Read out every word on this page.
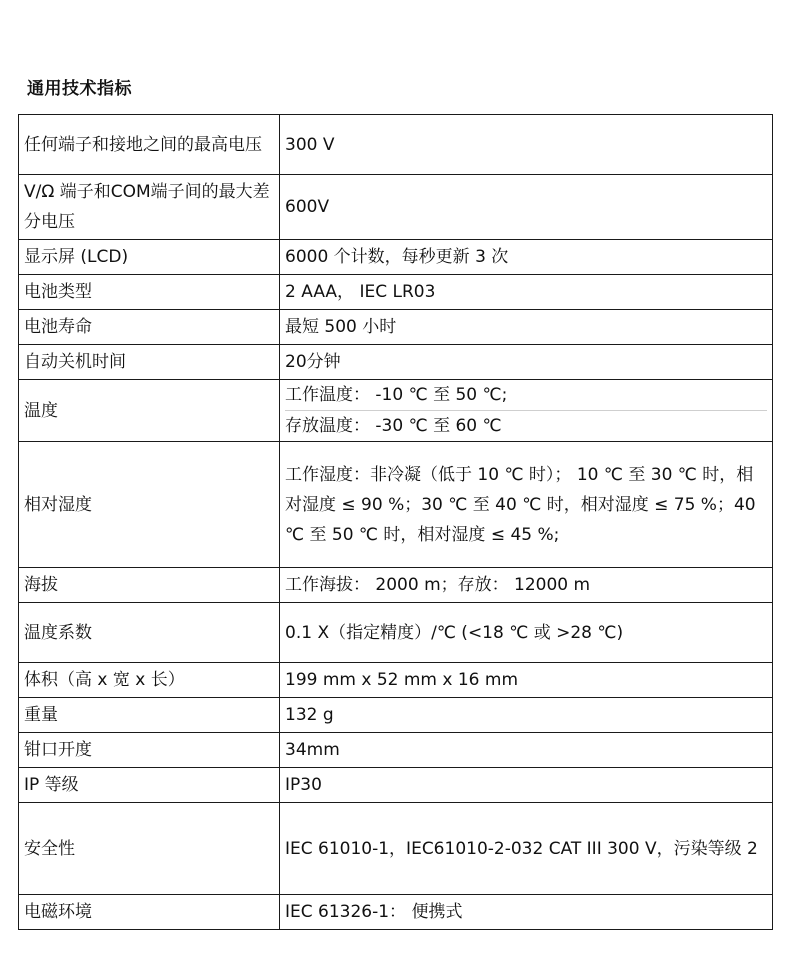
通用技术指标
任何端子和接地之间的最高电压	300 V
V/Ω 端子和COM端子间的最大差分电压	600V
显示屏 (LCD)	6000 个计数，每秒更新 3 次
电池类型	2 AAA， IEC LR03
电池寿命	最短 500 小时
自动关机时间	20分钟
温度	工作温度： -10 ℃ 至 50 ℃;
存放温度： -30 ℃ 至 60 ℃

相对湿度	工作湿度：非冷凝（低于 10 ℃ 时）； 10 ℃ 至 30 ℃ 时，相对湿度 ≤ 90 %；30 ℃ 至 40 ℃ 时，相对湿度 ≤ 75 %；40 ℃ 至 50 ℃ 时，相对湿度 ≤ 45 %;
海拔	工作海拔： 2000 m；存放： 12000 m
温度系数	0.1 X（指定精度）/℃ (<18 ℃ 或 >28 ℃)
体积（高 x 宽 x 长）	199 mm x 52 mm x 16 mm
重量	132 g
钳口开度	34mm
IP 等级	IP30
安全性	IEC 61010-1，IEC61010-2-032 CAT III 300 V，污染等级 2
电磁环境	IEC 61326-1： 便携式
